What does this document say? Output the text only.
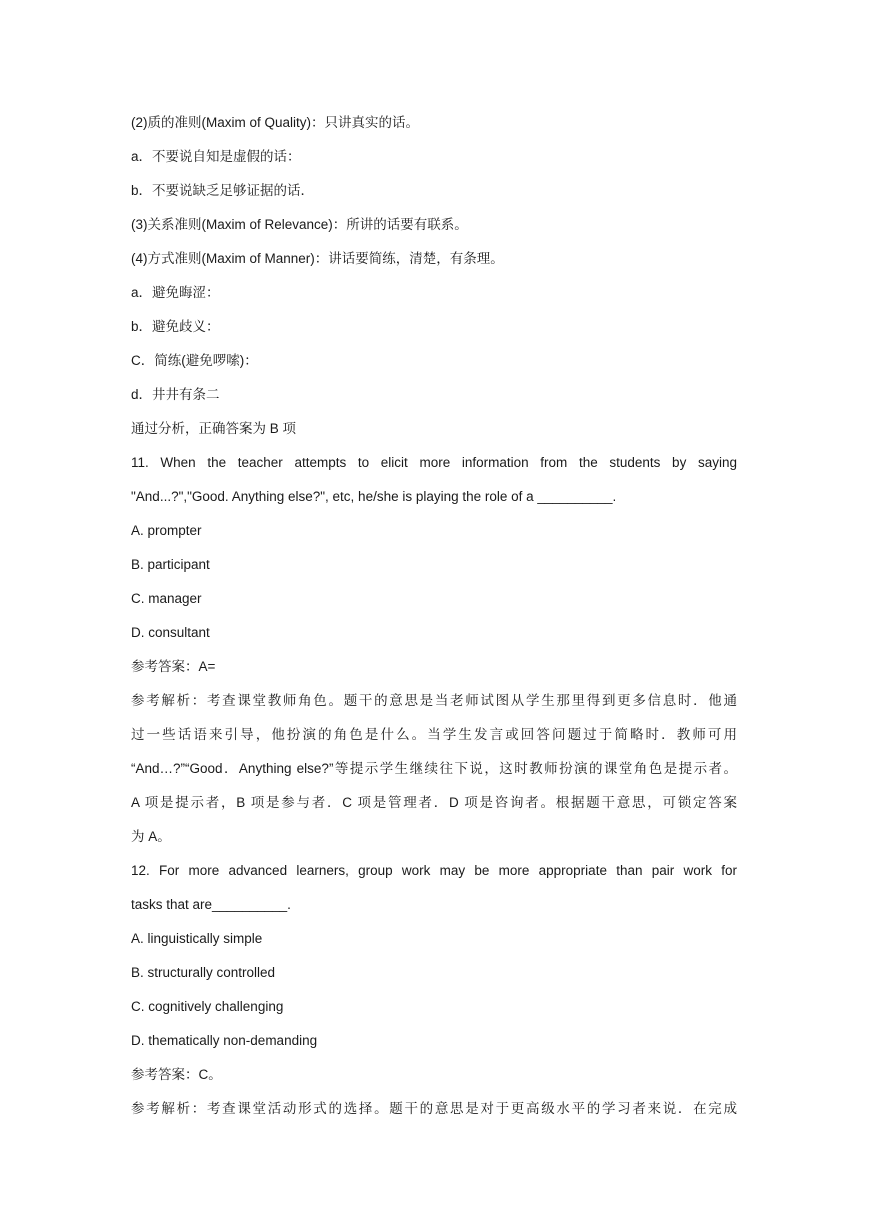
(2)质的准则(Maxim of Quality)：只讲真实的话。

a．不要说自知是虚假的话：

b．不要说缺乏足够证据的话．

(3)关系准则(Maxim of Relevance)：所讲的话要有联系。

(4)方式准则(Maxim of Manner)：讲话要简练，清楚，有条理。

a．避免晦涩：

b．避免歧义：

C．简练(避免啰嗦)：

d．井井有条二

通过分析，正确答案为 B 项

11. When the teacher attempts to elicit more information from the students by saying

"And...?","Good. Anything else?", etc, he/she is playing the role of a __________.

A. prompter

B. participant

C. manager

D. consultant

参考答案：A=

参考解析：考查课堂教师角色。题干的意思是当老师试图从学生那里得到更多信息时．他通

过一些话语来引导，他扮演的角色是什么。当学生发言或回答问题过于简略时．教师可用

“And…?”“Good．Anything else?”等提示学生继续往下说，这时教师扮演的课堂角色是提示者。

A 项是提示者，B 项是参与者．C 项是管理者．D 项是咨询者。根据题干意思，可锁定答案

为 A。

12. For more advanced learners, group work may be more appropriate than pair work for

tasks that are__________.

A. linguistically simple

B. structurally controlled

C. cognitively challenging

D. thematically non-demanding

参考答案：C。

参考解析：考查课堂活动形式的选择。题干的意思是对于更高级水平的学习者来说．在完成
